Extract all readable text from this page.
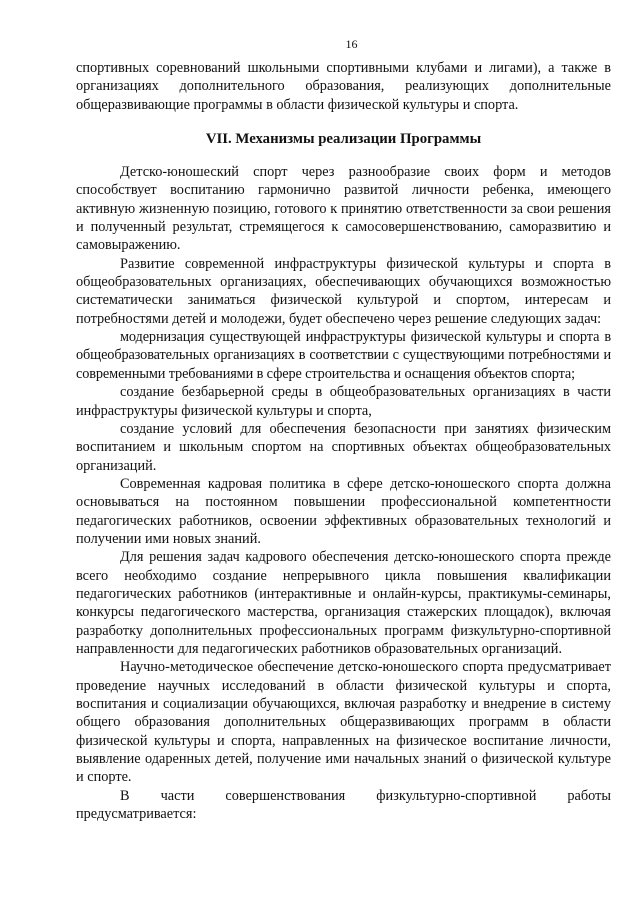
16

спортивных соревнований школьными спортивными клубами и лигами), а также в организациях дополнительного образования, реализующих дополнительные общеразвивающие программы в области физической культуры и спорта.

VII. Механизмы реализации Программы

Детско-юношеский спорт через разнообразие своих форм и методов способствует воспитанию гармонично развитой личности ребенка, имеющего активную жизненную позицию, готового к принятию ответственности за свои решения и полученный результат, стремящегося к самосовершенствованию, саморазвитию и самовыражению.

Развитие современной инфраструктуры физической культуры и спорта в общеобразовательных организациях, обеспечивающих обучающихся возможностью систематически заниматься физической культурой и спортом, интересам и потребностями детей и молодежи, будет обеспечено через решение следующих задач:

модернизация существующей инфраструктуры физической культуры и спорта в общеобразовательных организациях в соответствии с существующими потребностями и современными требованиями в сфере строительства и оснащения объектов спорта;

создание безбарьерной среды в общеобразовательных организациях в части инфраструктуры физической культуры и спорта,

создание условий для обеспечения безопасности при занятиях физическим воспитанием и школьным спортом на спортивных объектах общеобразовательных организаций.

Современная кадровая политика в сфере детско-юношеского спорта должна основываться на постоянном повышении профессиональной компетентности педагогических работников, освоении эффективных образовательных технологий и получении ими новых знаний.

Для решения задач кадрового обеспечения детско-юношеского спорта прежде всего необходимо создание непрерывного цикла повышения квалификации педагогических работников (интерактивные и онлайн-курсы, практикумы-семинары, конкурсы педагогического мастерства, организация стажерских площадок), включая разработку дополнительных профессиональных программ физкультурно-спортивной направленности для педагогических работников образовательных организаций.

Научно-методическое обеспечение детско-юношеского спорта предусматривает проведение научных исследований в области физической культуры и спорта, воспитания и социализации обучающихся, включая разработку и внедрение в систему общего образования дополнительных общеразвивающих программ в области физической культуры и спорта, направленных на физическое воспитание личности, выявление одаренных детей, получение ими начальных знаний о физической культуре и спорте.

В части совершенствования физкультурно-спортивной работы предусматривается:
